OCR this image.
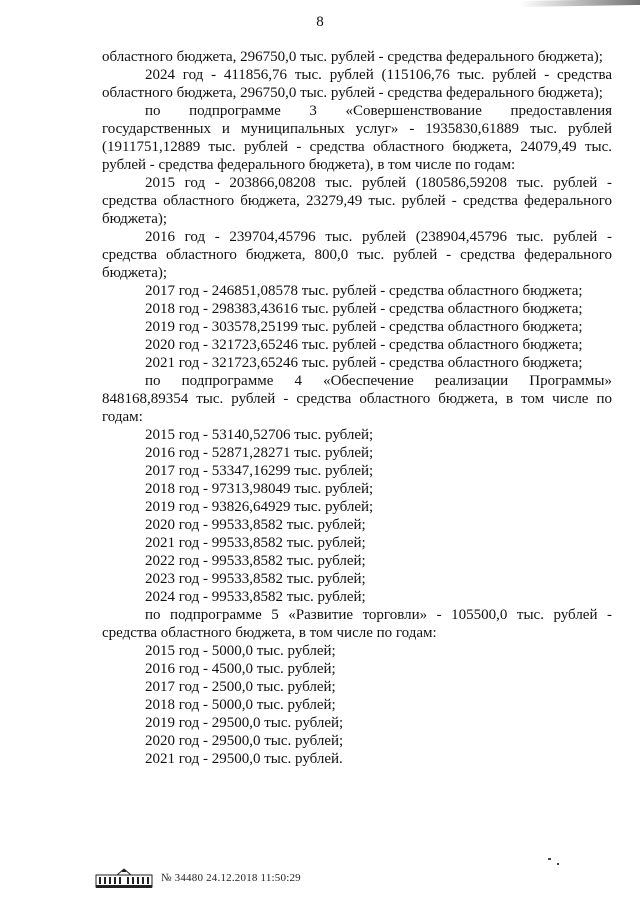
8

областного бюджета, 296750,0 тыс. рублей - средства федерального бюджета);

2024 год - 411856,76 тыс. рублей (115106,76 тыс. рублей - средства областного бюджета, 296750,0 тыс. рублей - средства федерального бюджета);

по подпрограмме 3 «Совершенствование предоставления государственных и муниципальных услуг» - 1935830,61889 тыс. рублей (1911751,12889 тыс. рублей - средства областного бюджета, 24079,49 тыс. рублей - средства федерального бюджета), в том числе по годам:

2015 год - 203866,08208 тыс. рублей (180586,59208 тыс. рублей - средства областного бюджета, 23279,49 тыс. рублей - средства федерального бюджета);

2016 год - 239704,45796 тыс. рублей (238904,45796 тыс. рублей - средства областного бюджета, 800,0 тыс. рублей - средства федерального бюджета);

2017 год - 246851,08578 тыс. рублей - средства областного бюджета;
2018 год - 298383,43616 тыс. рублей - средства областного бюджета;
2019 год - 303578,25199 тыс. рублей - средства областного бюджета;
2020 год - 321723,65246 тыс. рублей - средства областного бюджета;
2021 год - 321723,65246 тыс. рублей - средства областного бюджета;

по подпрограмме 4 «Обеспечение реализации Программы» 848168,89354 тыс. рублей - средства областного бюджета, в том числе по годам:

2015 год - 53140,52706 тыс. рублей;
2016 год - 52871,28271 тыс. рублей;
2017 год - 53347,16299 тыс. рублей;
2018 год - 97313,98049 тыс. рублей;
2019 год - 93826,64929 тыс. рублей;
2020 год - 99533,8582 тыс. рублей;
2021 год - 99533,8582 тыс. рублей;
2022 год - 99533,8582 тыс. рублей;
2023 год - 99533,8582 тыс. рублей;
2024 год - 99533,8582 тыс. рублей;

по подпрограмме 5 «Развитие торговли» - 105500,0 тыс. рублей - средства областного бюджета, в том числе по годам:

2015 год - 5000,0 тыс. рублей;
2016 год - 4500,0 тыс. рублей;
2017 год - 2500,0 тыс. рублей;
2018 год - 5000,0 тыс. рублей;
2019 год - 29500,0 тыс. рублей;
2020 год - 29500,0 тыс. рублей;
2021 год - 29500,0 тыс. рублей.
№ 34480 24.12.2018 11:50:29
